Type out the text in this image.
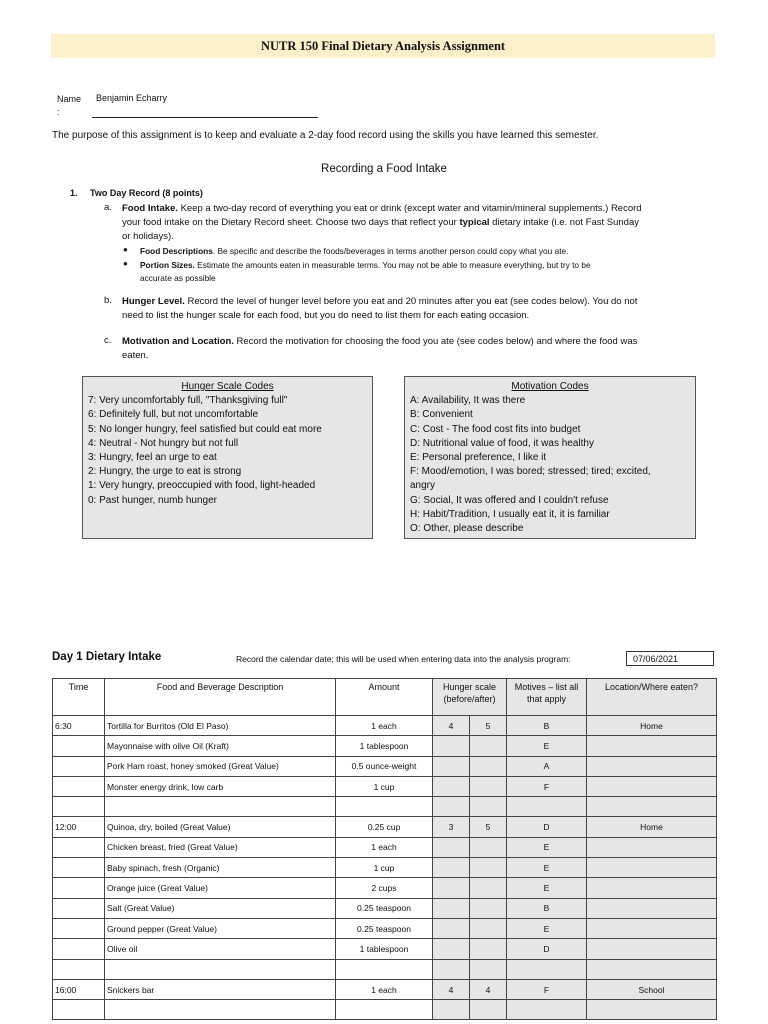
NUTR 150 Final Dietary Analysis Assignment
Name
:
Benjamin Echarry
The purpose of this assignment is to keep and evaluate a 2-day food record using the skills you have learned this semester.
Recording a Food Intake
1. Two Day Record (8 points)
a. Food Intake. Keep a two-day record of everything you eat or drink (except water and vitamin/mineral supplements.) Record
your food intake on the Dietary Record sheet. Choose two days that reflect your typical dietary intake (i.e. not Fast Sunday
or holidays).
● Food Descriptions. Be specific and describe the foods/beverages in terms another person could copy what you ate.
● Portion Sizes. Estimate the amounts eaten in measurable terms. You may not be able to measure everything, but try to be
accurate as possible
b. Hunger Level. Record the level of hunger level before you eat and 20 minutes after you eat (see codes below). You do not
need to list the hunger scale for each food, but you do need to list them for each eating occasion.
c. Motivation and Location. Record the motivation for choosing the food you ate (see codes below) and where the food was
eaten.
Hunger Scale Codes
7: Very uncomfortably full, "Thanksgiving full"
6: Definitely full, but not uncomfortable
5: No longer hungry, feel satisfied but could eat more
4: Neutral - Not hungry but not full
3: Hungry, feel an urge to eat
2: Hungry, the urge to eat is strong
1: Very hungry, preoccupied with food, light-headed
0: Past hunger, numb hunger
Motivation Codes
A: Availability, It was there
B: Convenient
C: Cost - The food cost fits into budget
D: Nutritional value of food, it was healthy
E: Personal preference, I like it
F: Mood/emotion, I was bored; stressed; tired; excited,
angry
G: Social, It was offered and I couldn't refuse
H: Habit/Tradition, I usually eat it, it is familiar
O: Other, please describe
Day 1 Dietary Intake	Record the calendar date; this will be used when entering data into the analysis program:	07/06/2021
Time	Food and Beverage Description	Amount	Hunger scale (before/after)		Motives – list all that apply	Location/Where eaten?
6:30	Tortilla for Burritos (Old El Paso)	1 each	4	5	B	Home
	Mayonnaise with olive Oil (Kraft)	1 tablespoon			E	
	Pork Ham roast, honey smoked (Great Value)	0.5 ounce-weight			A	
	Monster energy drink, low carb	1 cup			F	

12:00	Quinoa, dry, boiled (Great Value)	0.25 cup	3	5	D	Home
	Chicken breast, fried (Great Value)	1 each			E	
	Baby spinach, fresh (Organic)	1 cup			E	
	Orange juice (Great Value)	2 cups			E	
	Salt (Great Value)	0.25 teaspoon			B	
	Ground pepper (Great Value)	0.25 teaspoon			E	
	Olive oil	1 tablespoon			D	

16:00	Snickers bar	1 each	4	4	F	School
